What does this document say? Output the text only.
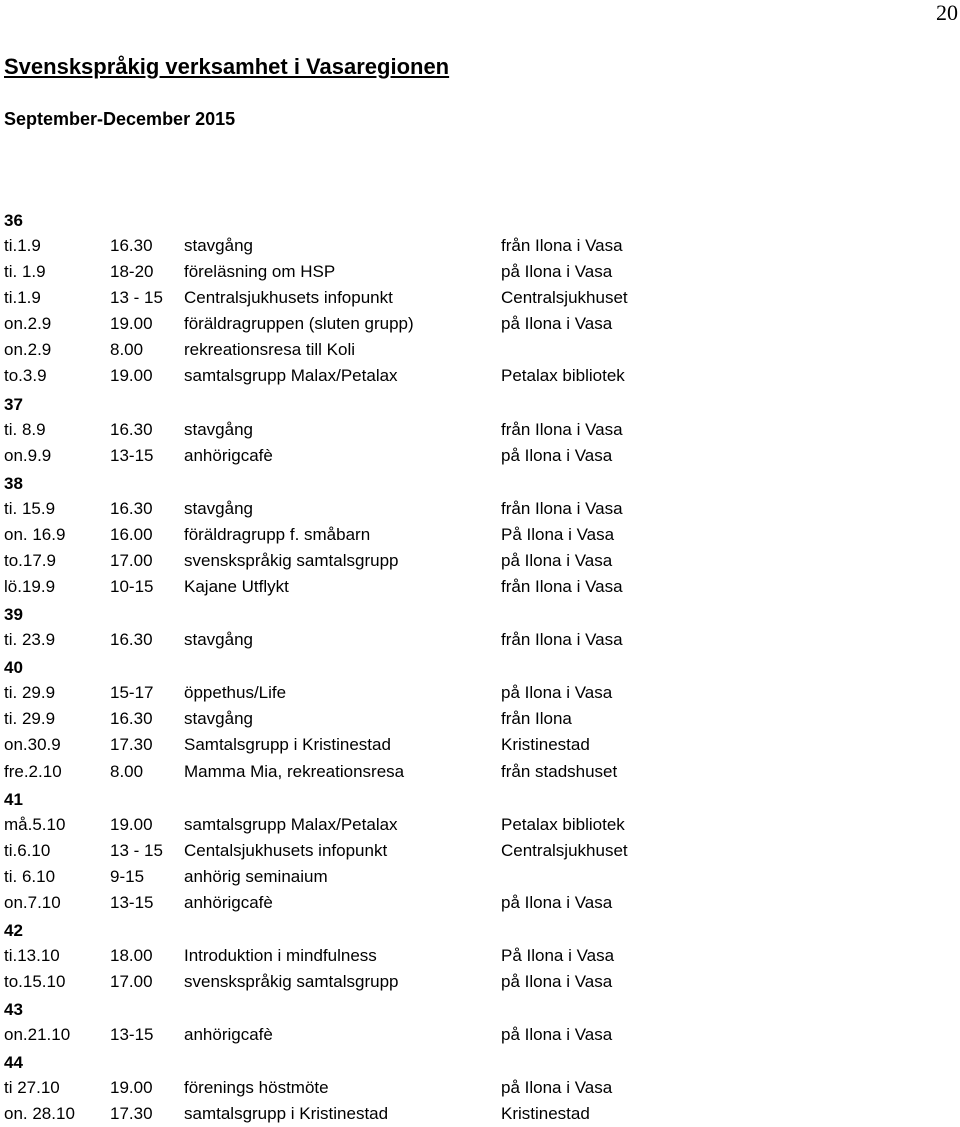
20
Svenskspråkig verksamhet i Vasaregionen
September-December 2015
36
ti.1.9	16.30 stavgång	från Ilona i Vasa
ti. 1.9	18-20 föreläsning om HSP	på Ilona i Vasa
ti.1.9	13 - 15 Centralsjukhusets infopunkt	Centralsjukhuset
on.2.9	19.00 föräldragruppen (sluten grupp)	på Ilona i Vasa
on.2.9	8.00 rekreationsresa till Koli
to.3.9	19.00 samtalsgrupp Malax/Petalax	Petalax bibliotek
37
ti. 8.9	16.30 stavgång	från Ilona i Vasa
on.9.9	13-15 anhörigcafè	på Ilona i Vasa
38
ti. 15.9	16.30 stavgång	från Ilona i Vasa
on. 16.9	16.00 föräldragrupp f. småbarn	På Ilona i Vasa
to.17.9	17.00 svenskspråkig samtalsgrupp	på Ilona i Vasa
lö.19.9	10-15 Kajane Utflykt	från Ilona i Vasa
39
ti. 23.9	16.30 stavgång	från Ilona i Vasa
40
ti. 29.9	15-17 öppethus/Life	på Ilona i Vasa
ti. 29.9	16.30 stavgång	från Ilona
on.30.9	17.30 Samtalsgrupp i Kristinestad	Kristinestad
fre.2.10	8.00 Mamma Mia, rekreationsresa	från stadshuset
41
må.5.10	19.00 samtalsgrupp Malax/Petalax	Petalax bibliotek
ti.6.10	13 - 15 Centalsjukhusets infopunkt	Centralsjukhuset
ti. 6.10	9-15 anhörig seminaium
on.7.10	13-15 anhörigcafè	på Ilona i Vasa
42
ti.13.10	18.00 Introduktion i mindfulness	På Ilona i Vasa
to.15.10	17.00 svenskspråkig samtalsgrupp	på Ilona i Vasa
43
on.21.10 13-15 anhörigcafè	på Ilona i Vasa
44
ti 27.10	19.00 förenings höstmöte	på Ilona i Vasa
on. 28.10 17.30 samtalsgrupp i Kristinestad	Kristinestad
